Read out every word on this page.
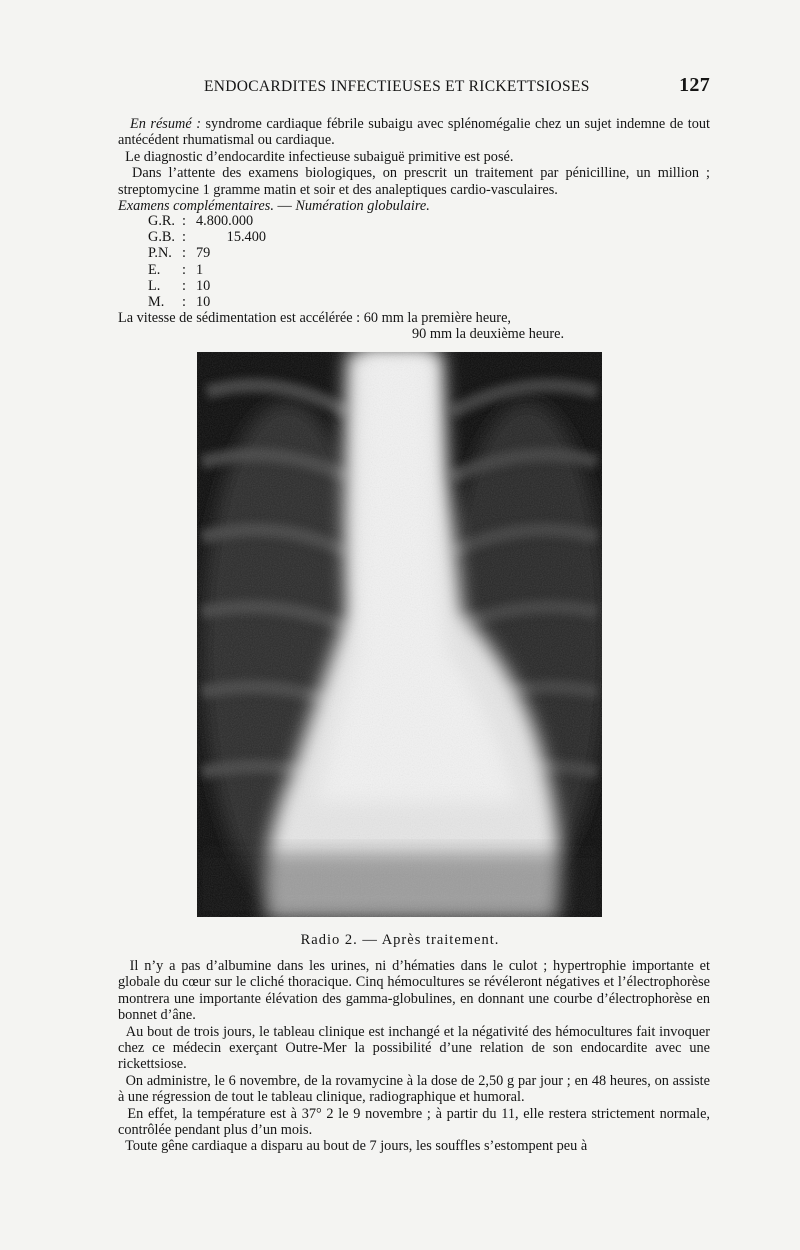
ENDOCARDITES INFECTIEUSES ET RICKETTSIOSES	127

En résumé : syndrome cardiaque fébrile subaigu avec splénomégalie chez un sujet indemne de tout antécédent rhumatismal ou cardiaque.

Le diagnostic d’endocardite infectieuse subaiguë primitive est posé.

Dans l’attente des examens biologiques, on prescrit un traitement par pénicilline, un million ; streptomycine 1 gramme matin et soir et des analeptiques cardio-vasculaires.

Examens complémentaires. — Numération globulaire.

G.R. : 4.800.000
G.B. :	15.400
P.N. : 79
E.	: 1
L.	: 10
M.	: 10
La vitesse de sédimentation est accélérée : 60 mm la première heure,
90 mm la deuxième heure.
Radio 2. — Après traitement.

Il n’y a pas d’albumine dans les urines, ni d’hématies dans le culot ; hypertrophie importante et globale du cœur sur le cliché thoracique. Cinq hémocultures se révéleront négatives et l’électrophorèse montrera une importante élévation des gamma-globulines, en donnant une courbe d’électrophorèse en bonnet d’âne.

Au bout de trois jours, le tableau clinique est inchangé et la négativité des hémocultures fait invoquer chez ce médecin exerçant Outre-Mer la possibilité d’une relation de son endocardite avec une rickettsiose.

On administre, le 6 novembre, de la rovamycine à la dose de 2,50 g par jour ; en 48 heures, on assiste à une régression de tout le tableau clinique, radiographique et humoral.

En effet, la température est à 37° 2 le 9 novembre ; à partir du 11, elle restera strictement normale, contrôlée pendant plus d’un mois.

Toute gêne cardiaque a disparu au bout de 7 jours, les souffles s’estompent peu à
